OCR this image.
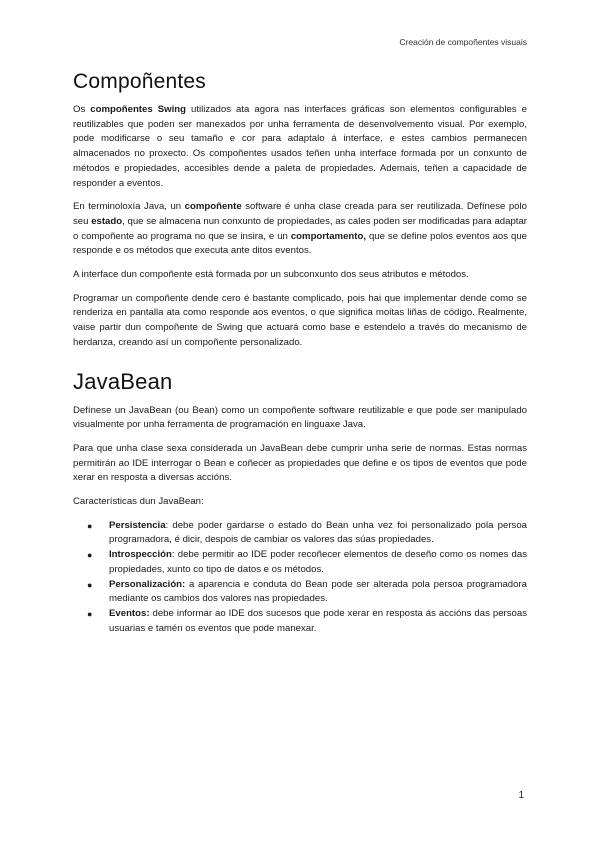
Creación de compoñentes visuais
Compoñentes

Os compoñentes Swing utilizados ata agora nas interfaces gráficas son elementos configurables e reutilizables que poden ser manexados por unha ferramenta de desenvolvemento visual. Por exemplo, pode modificarse o seu tamaño e cor para adaptalo á interface, e estes cambios permanecen almacenados no proxecto. Os compoñentes usados teñen unha interface formada por un conxunto de métodos e propiedades, accesibles dende a paleta de propiedades. Ademais, teñen a capacidade de responder a eventos.

En terminoloxía Java, un compoñente software é unha clase creada para ser reutilizada. Defínese polo seu estado, que se almacena nun conxunto de propiedades, as cales poden ser modificadas para adaptar o compoñente ao programa no que se insira, e un comportamento, que se define polos eventos aos que responde e os métodos que executa ante ditos eventos.

A interface dun compoñente está formada por un subconxunto dos seus atributos e métodos.

Programar un compoñente dende cero é bastante complicado, pois hai que implementar dende como se renderiza en pantalla ata como responde aos eventos, o que significa moitas liñas de código. Realmente, vaise partir dun compoñente de Swing que actuará como base e estendelo a través do mecanismo de herdanza, creando así un compoñente personalizado.

JavaBean

Defínese un JavaBean (ou Bean) como un compoñente software reutilizable e que pode ser manipulado visualmente por unha ferramenta de programación en linguaxe Java.

Para que unha clase sexa considerada un JavaBean debe cumprir unha serie de normas. Estas normas permitirán ao IDE interrogar o Bean e coñecer as propiedades que define e os tipos de eventos que pode xerar en resposta a diversas accións.

Características dun JavaBean:

● Persistencia: debe poder gardarse o estado do Bean unha vez foi personalizado pola persoa programadora, é dicir, despois de cambiar os valores das súas propiedades.
● Introspección: debe permitir ao IDE poder recoñecer elementos de deseño como os nomes das propiedades, xunto co tipo de datos e os métodos.
● Personalización: a aparencia e conduta do Bean pode ser alterada pola persoa programadora mediante os cambios dos valores nas propiedades.
● Eventos: debe informar ao IDE dos sucesos que pode xerar en resposta ás accións das persoas usuarias e tamén os eventos que pode manexar.
1
